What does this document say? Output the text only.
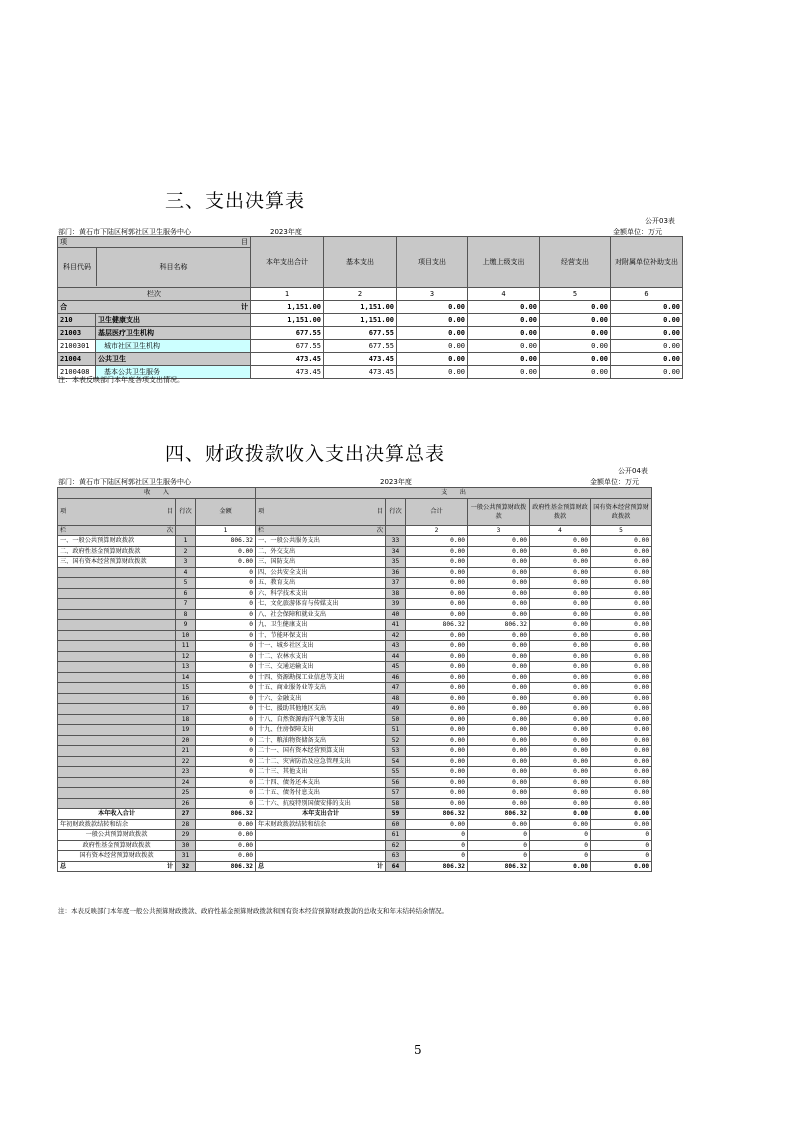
三、支出决算表
公开03表
部门：黄石市下陆区柯郭社区卫生服务中心	2023年度	金额单位：万元
项 目
科目代码 科目名称		本年支出合计	基本支出	项目支出	上缴上级支出	经营支出	对附属单位补助支出
栏次		1	2	3	4	5	6

合 计		1,151.00	1,151.00	0.00	0.00	0.00	0.00
210	卫生健康支出	1,151.00	1,151.00	0.00	0.00	0.00	0.00
21003	基层医疗卫生机构	677.55	677.55	0.00	0.00	0.00	0.00
2100301	城市社区卫生机构	677.55	677.55	0.00	0.00	0.00	0.00
21004	公共卫生	473.45	473.45	0.00	0.00	0.00	0.00
2100408	基本公共卫生服务	473.45	473.45	0.00	0.00	0.00	0.00
注：本表反映部门本年度各项支出情况。
四、财政拨款收入支出决算总表
公开04表
部门：黄石市下陆区柯郭社区卫生服务中心	2023年度	金额单位：万元
收　　入			支　　出					

项 目	行次	金额	项 目	行次	合计	一般公共预算财政拨款	政府性基金预算财政拨款	国有资本经营预算财政拨款

栏 次		1	栏 次		2	3	4	5
一、一般公共预算财政拨款	1	806.32	一、一般公共服务支出	33	0.00	0.00	0.00	0.00
二、政府性基金预算财政拨款	2	0.00	二、外交支出	34	0.00	0.00	0.00	0.00
三、国有资本经营预算财政拨款	3	0.00	三、国防支出	35	0.00	0.00	0.00	0.00
	4	0	四、公共安全支出	36	0.00	0.00	0.00	0.00
	5	0	五、教育支出	37	0.00	0.00	0.00	0.00
	6	0	六、科学技术支出	38	0.00	0.00	0.00	0.00
	7	0	七、文化旅游体育与传媒支出	39	0.00	0.00	0.00	0.00
	8	0	八、社会保障和就业支出	40	0.00	0.00	0.00	0.00
	9	0	九、卫生健康支出	41	806.32	806.32	0.00	0.00
	10	0	十、节能环保支出	42	0.00	0.00	0.00	0.00
	11	0	十一、城乡社区支出	43	0.00	0.00	0.00	0.00
	12	0	十二、农林水支出	44	0.00	0.00	0.00	0.00
	13	0	十三、交通运输支出	45	0.00	0.00	0.00	0.00
	14	0	十四、资源勘探工业信息等支出	46	0.00	0.00	0.00	0.00
	15	0	十五、商业服务业等支出	47	0.00	0.00	0.00	0.00
	16	0	十六、金融支出	48	0.00	0.00	0.00	0.00
	17	0	十七、援助其他地区支出	49	0.00	0.00	0.00	0.00
	18	0	十八、自然资源海洋气象等支出	50	0.00	0.00	0.00	0.00
	19	0	十九、住房保障支出	51	0.00	0.00	0.00	0.00
	20	0	二十、粮油物资储备支出	52	0.00	0.00	0.00	0.00
	21	0	二十一、国有资本经营预算支出	53	0.00	0.00	0.00	0.00
	22	0	二十二、灾害防治及应急管理支出	54	0.00	0.00	0.00	0.00
	23	0	二十三、其他支出	55	0.00	0.00	0.00	0.00
	24	0	二十四、债务还本支出	56	0.00	0.00	0.00	0.00
	25	0	二十五、债务付息支出	57	0.00	0.00	0.00	0.00
	26	0	二十六、抗疫特别国债安排的支出	58	0.00	0.00	0.00	0.00
本年收入合计	27	806.32	本年支出合计	59	806.32	806.32	0.00	0.00
年初财政拨款结转和结余	28	0.00	年末财政拨款结转和结余	60	0.00	0.00	0.00	0.00
一般公共预算财政拨款	29	0.00		61	0	0	0	0
政府性基金预算财政拨款	30	0.00		62	0	0	0	0
国有资本经营预算财政拨款	31	0.00		63	0	0	0	0

总 计	32	806.32	总 计	64	806.32	806.32	0.00	0.00
注：本表反映部门本年度一般公共预算财政拨款、政府性基金预算财政拨款和国有资本经营预算财政拨款的总收支和年末结转结余情况。
5
